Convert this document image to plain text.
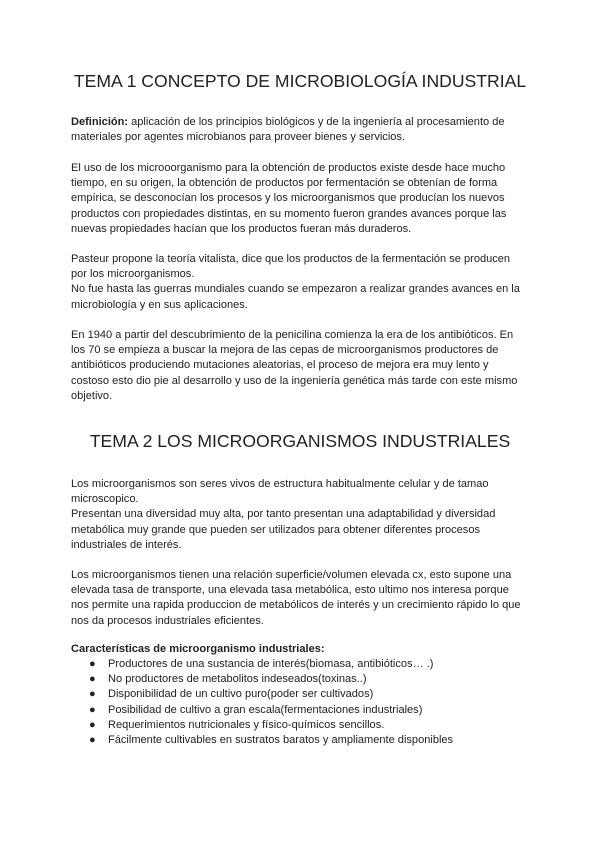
TEMA 1 CONCEPTO DE MICROBIOLOGÍA INDUSTRIAL

Definición: aplicación de los principios biológicos y de la ingeniería al procesamiento de
materiales por agentes microbianos para proveer bienes y servicios.

El uso de los microoorganismo para la obtención de productos existe desde hace mucho
tiempo, en su origen, la obtención de productos por fermentación se obtenían de forma
empírica, se desconocían los procesos y los microorganismos que producían los nuevos
productos con propiedades distintas, en su momento fueron grandes avances porque las
nuevas propiedades hacían que los productos fueran más duraderos.

Pasteur propone la teoría vitalista, dice que los productos de la fermentación se producen
por los microorganismos.
No fue hasta las guerras mundiales cuando se empezaron a realizar grandes avances en la
microbiología y en sus aplicaciones.

En 1940 a partir del descubrimiento de la penicilina comienza la era de los antibióticos. En
los 70 se empieza a buscar la mejora de las cepas de microorganismos productores de
antibióticos produciendo mutaciones aleatorias, el proceso de mejora era muy lento y
costoso esto dio pie al desarrollo y uso de la ingeniería genética más tarde con este mismo
objetivo.

TEMA 2 LOS MICROORGANISMOS INDUSTRIALES

Los microorganismos son seres vivos de estructura habitualmente celular y de tamao
microscopico.
Presentan una diversidad muy alta, por tanto presentan una adaptabilidad y diversidad
metabólica muy grande que pueden ser utilizados para obtener diferentes procesos
industriales de interés.

Los microorganismos tienen una relación superficie/volumen elevada cx, esto supone una
elevada tasa de transporte, una elevada tasa metabólica, esto ultimo nos interesa porque
nos permite una rapida produccion de metabólicos de interés y un crecimiento rápido lo que
nos da procesos industriales eficientes.

Características de microorganismo industriales:

● Productores de una sustancia de interés(biomasa, antibióticos… .)
● No productores de metabolitos indeseados(toxinas..)
● Disponibilidad de un cultivo puro(poder ser cultivados)
● Posibilidad de cultivo a gran escala(fermentaciones industriales)
● Requerimientos nutricionales y físico-químicos sencillos.
● Fácilmente cultivables en sustratos baratos y ampliamente disponibles
